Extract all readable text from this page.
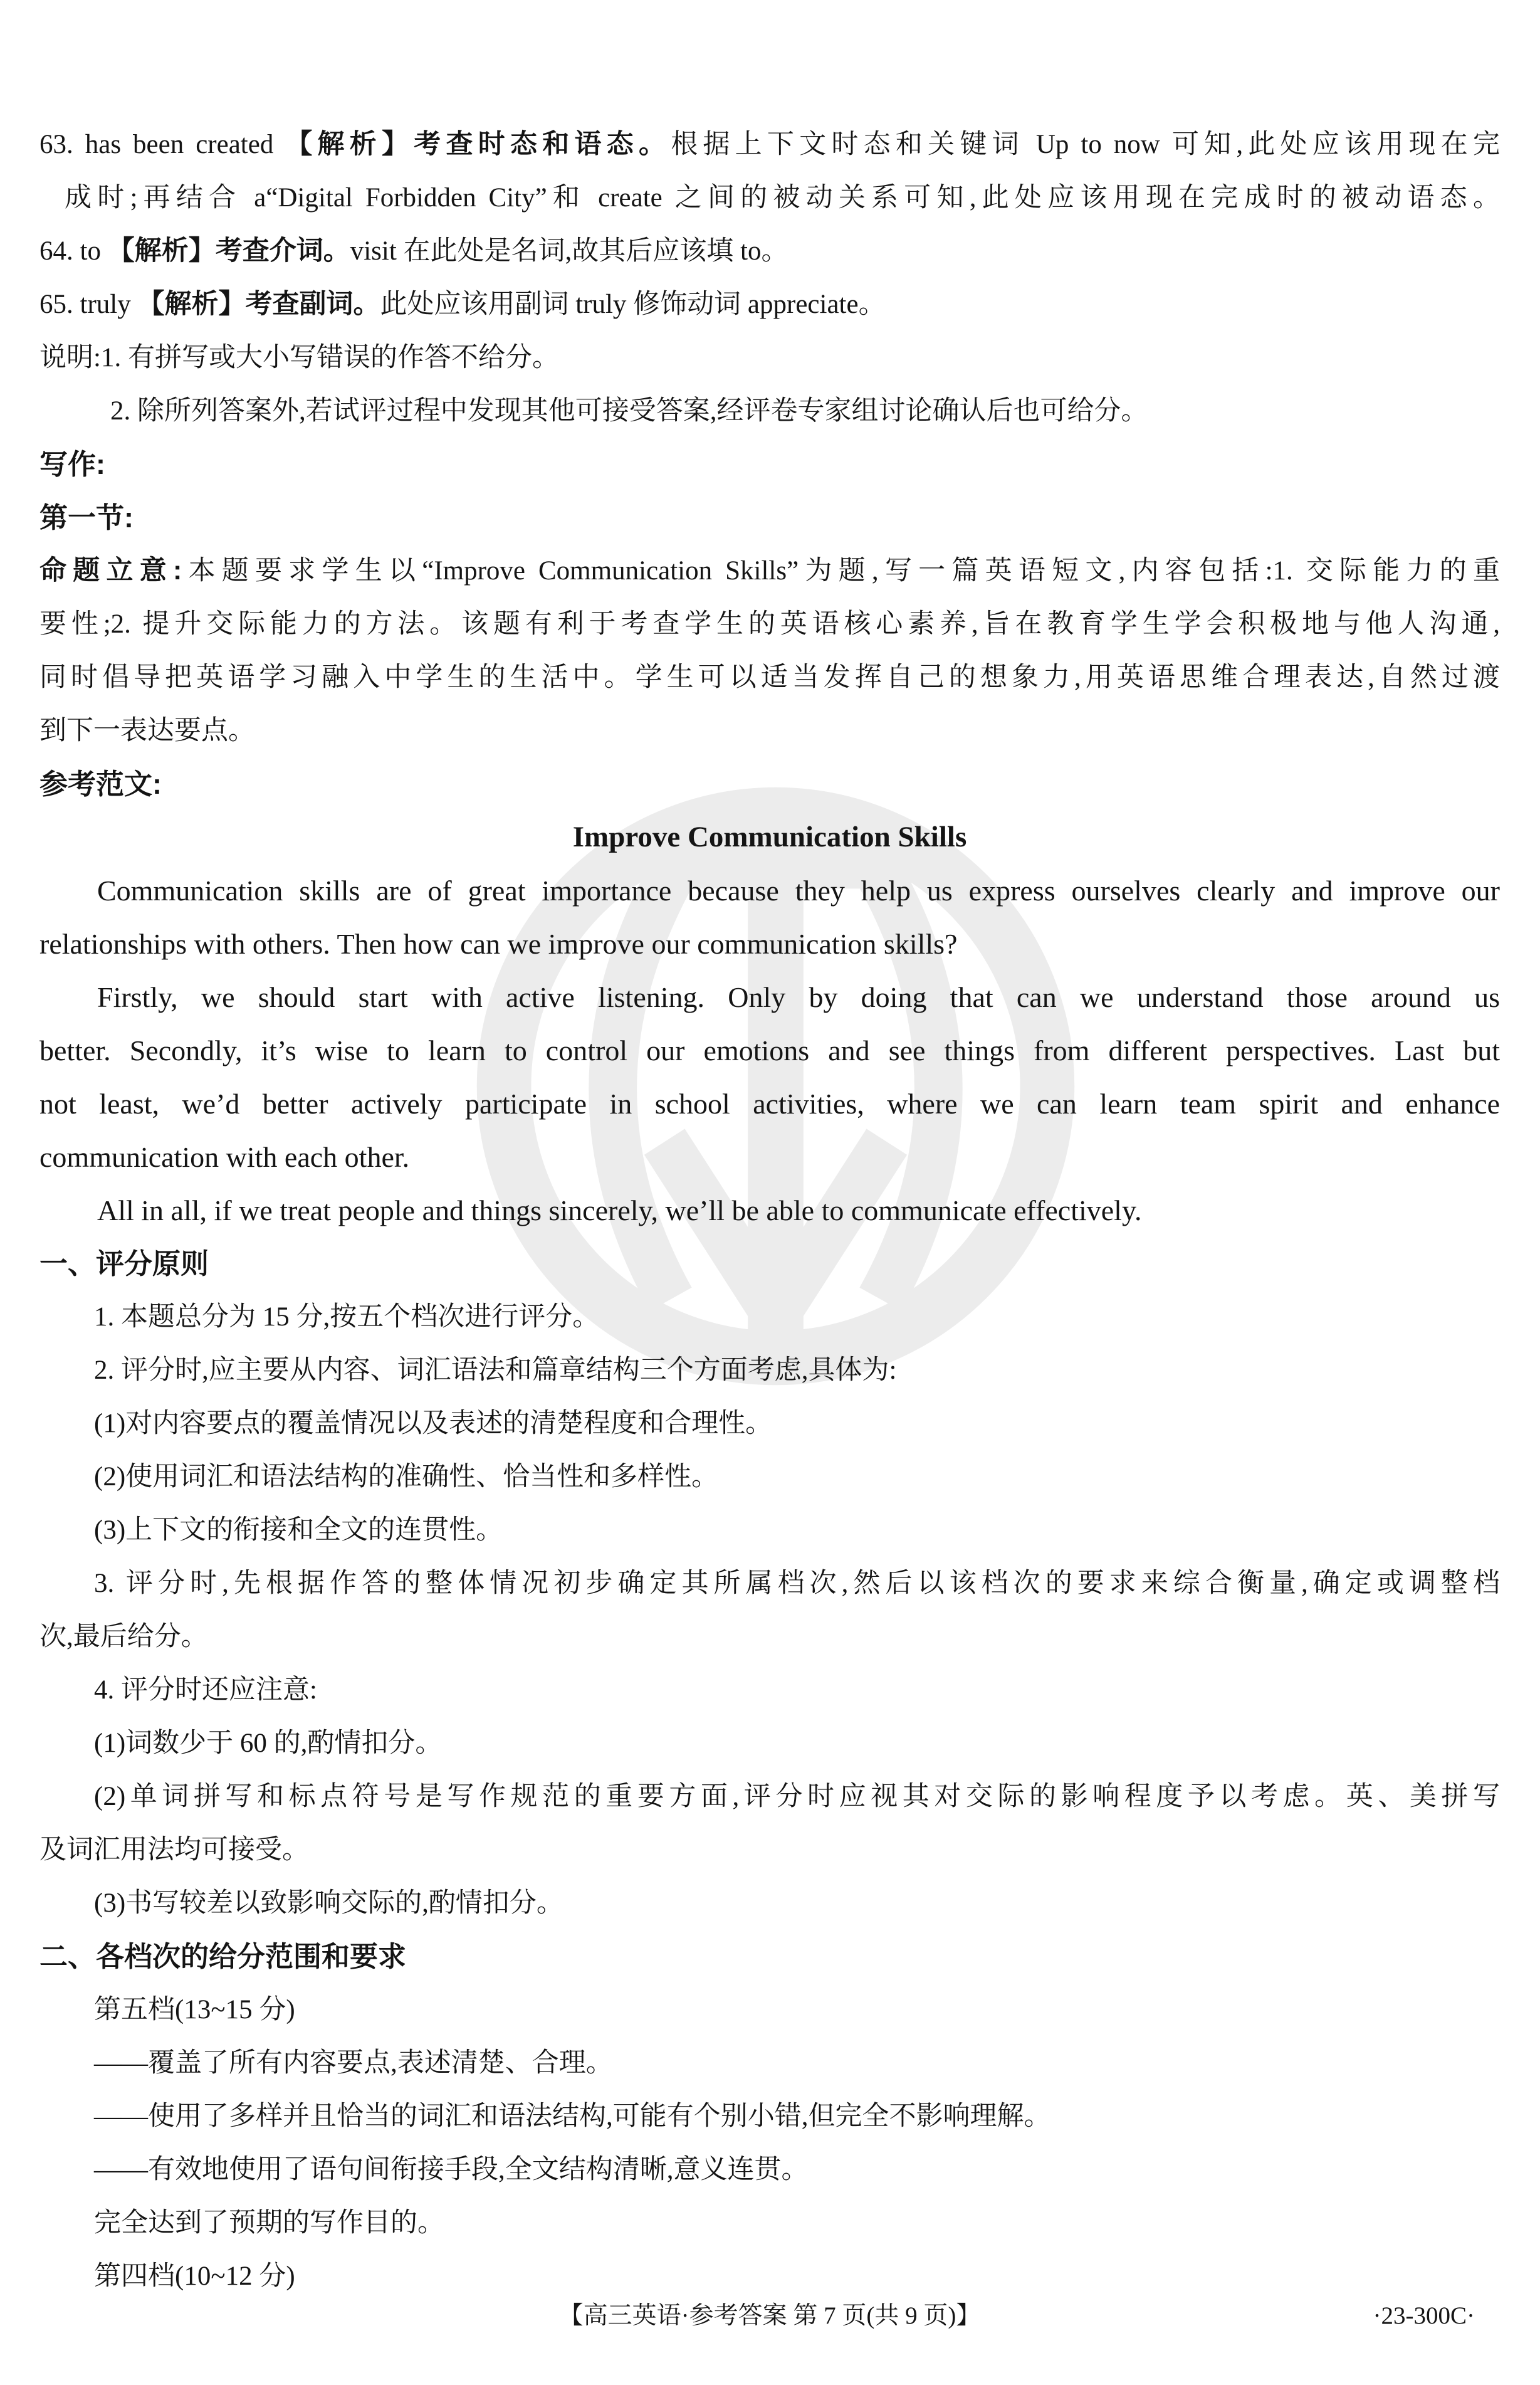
63. has been created 【解析】考查时态和语态。根据上下文时态和关键词 Up to now 可知,此处应该用现在完
成时;再结合 a“Digital Forbidden City”和 create 之间的被动关系可知,此处应该用现在完成时的被动语态。
64. to 【解析】考查介词。visit 在此处是名词,故其后应该填 to。
65. truly 【解析】考查副词。此处应该用副词 truly 修饰动词 appreciate。
说明:1. 有拼写或大小写错误的作答不给分。
2. 除所列答案外,若试评过程中发现其他可接受答案,经评卷专家组讨论确认后也可给分。
写作:
第一节:
命题立意:本题要求学生以“Improve Communication Skills”为题,写一篇英语短文,内容包括:1. 交际能力的重
要性;2. 提升交际能力的方法。该题有利于考查学生的英语核心素养,旨在教育学生学会积极地与他人沟通,
同时倡导把英语学习融入中学生的生活中。学生可以适当发挥自己的想象力,用英语思维合理表达,自然过渡
到下一表达要点。
参考范文:
Improve Communication Skills
Communication skills are of great importance because they help us express ourselves clearly and improve our
relationships with others. Then how can we improve our communication skills?
Firstly, we should start with active listening. Only by doing that can we understand those around us
better. Secondly, it’s wise to learn to control our emotions and see things from different perspectives. Last but
not least, we’d better actively participate in school activities, where we can learn team spirit and enhance
communication with each other.
All in all, if we treat people and things sincerely, we’ll be able to communicate effectively.
一、评分原则
1. 本题总分为 15 分,按五个档次进行评分。
2. 评分时,应主要从内容、词汇语法和篇章结构三个方面考虑,具体为:
(1)对内容要点的覆盖情况以及表述的清楚程度和合理性。
(2)使用词汇和语法结构的准确性、恰当性和多样性。
(3)上下文的衔接和全文的连贯性。
3. 评分时,先根据作答的整体情况初步确定其所属档次,然后以该档次的要求来综合衡量,确定或调整档
次,最后给分。
4. 评分时还应注意:
(1)词数少于 60 的,酌情扣分。
(2)单词拼写和标点符号是写作规范的重要方面,评分时应视其对交际的影响程度予以考虑。英、美拼写
及词汇用法均可接受。
(3)书写较差以致影响交际的,酌情扣分。
二、各档次的给分范围和要求
第五档(13~15 分)
——覆盖了所有内容要点,表述清楚、合理。
——使用了多样并且恰当的词汇和语法结构,可能有个别小错,但完全不影响理解。
——有效地使用了语句间衔接手段,全文结构清晰,意义连贯。
完全达到了预期的写作目的。
第四档(10~12 分)
【高三英语·参考答案 第 7 页(共 9 页)】	·23-300C·
